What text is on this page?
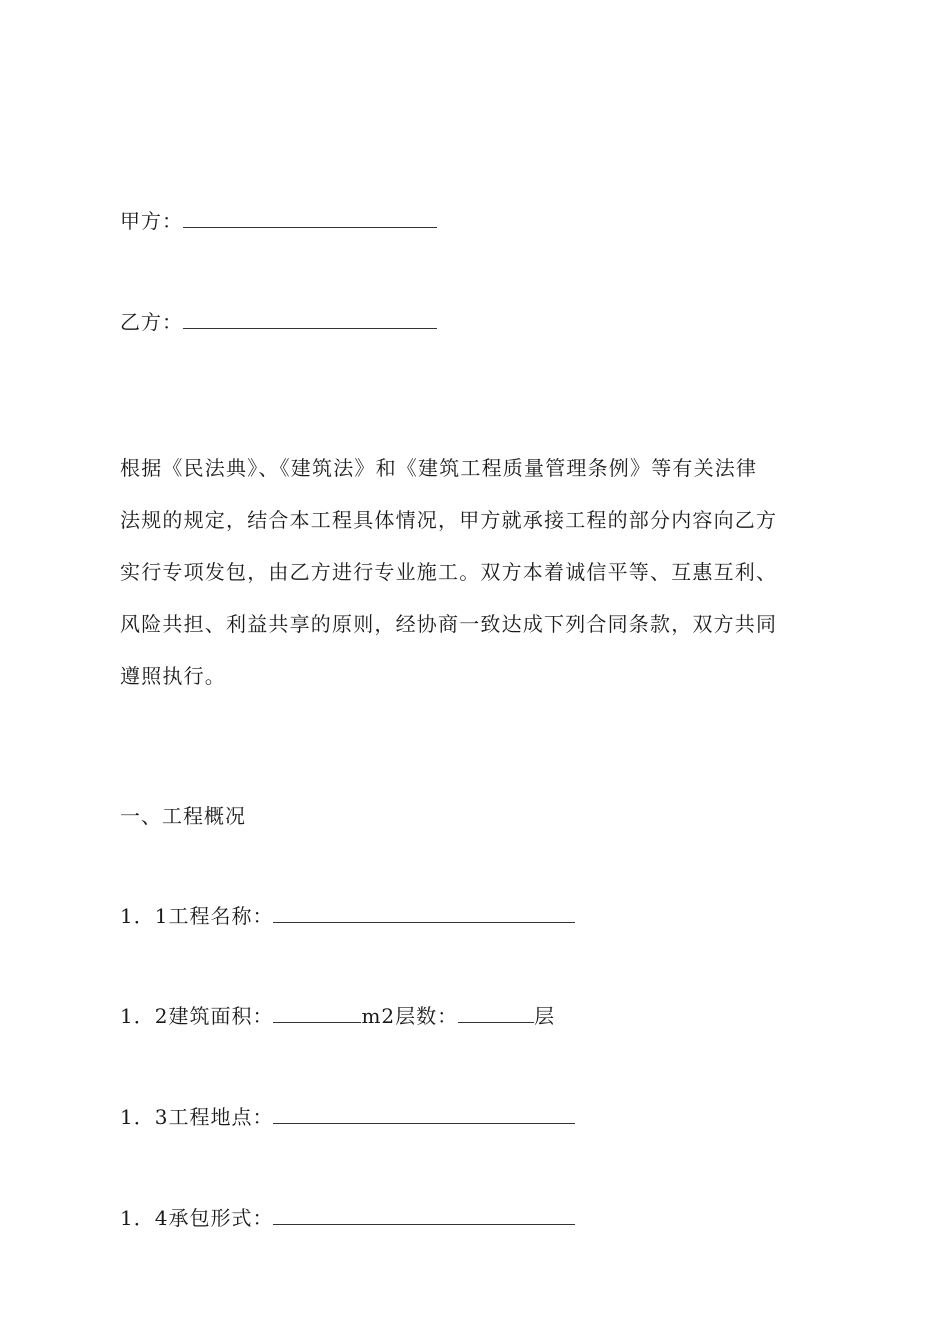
甲方：
乙方：

根据《民法典》、《建筑法》和《建筑工程质量管理条例》等有关法律

法规的规定，结合本工程具体情况，甲方就承接工程的部分内容向乙方

实行专项发包，由乙方进行专业施工。双方本着诚信平等、互惠互利、

风险共担、利益共享的原则，经协商一致达成下列合同条款，双方共同

遵照执行。

一、工程概况
1．1工程名称：
1．2建筑面积：	m2层数：	层
1．3工程地点：
1．4承包形式：
